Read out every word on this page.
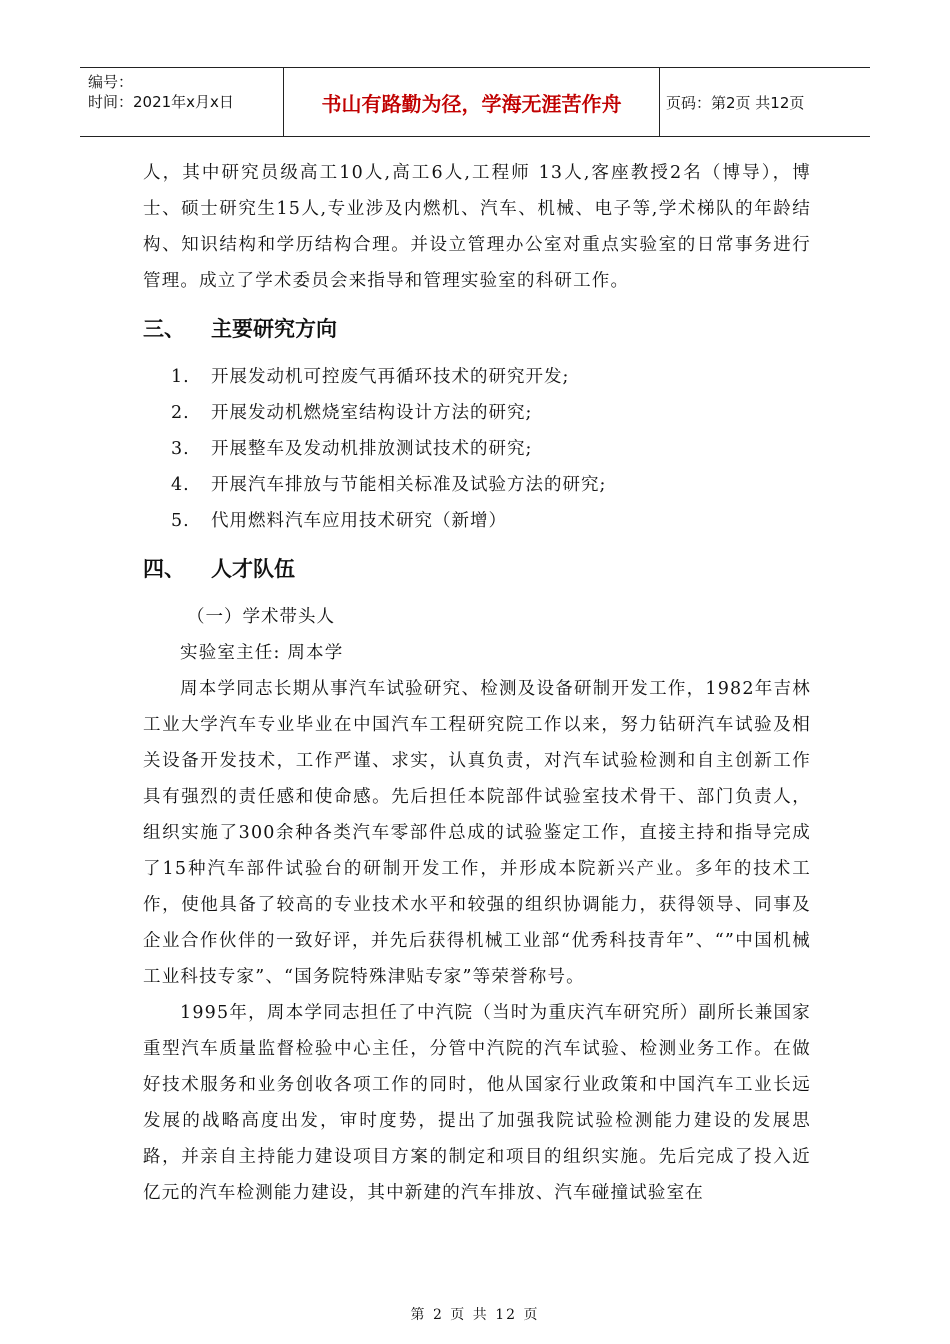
编号：
时间：2021年x月x日	书山有路勤为径，学海无涯苦作舟	页码：第2页 共12页

人，其中研究员级高工10人,高工6人,工程师 13人,客座教授2名（博导），博士、硕士研究生15人,专业涉及内燃机、汽车、机械、电子等,学术梯队的年龄结构、知识结构和学历结构合理。并设立管理办公室对重点实验室的日常事务进行管理。成立了学术委员会来指导和管理实验室的科研工作。

三、	主要研究方向
1.	开展发动机可控废气再循环技术的研究开发;
2.	开展发动机燃烧室结构设计方法的研究;
3.	开展整车及发动机排放测试技术的研究;
4.	开展汽车排放与节能相关标准及试验方法的研究;
5.	代用燃料汽车应用技术研究（新增）
四、	人才队伍
（一）学术带头人

实验室主任: 周本学

周本学同志长期从事汽车试验研究、检测及设备研制开发工作，1982年吉林工业大学汽车专业毕业在中国汽车工程研究院工作以来，努力钻研汽车试验及相关设备开发技术，工作严谨、求实，认真负责，对汽车试验检测和自主创新工作具有强烈的责任感和使命感。先后担任本院部件试验室技术骨干、部门负责人，组织实施了300余种各类汽车零部件总成的试验鉴定工作，直接主持和指导完成了15种汽车部件试验台的研制开发工作，并形成本院新兴产业。多年的技术工作，使他具备了较高的专业技术水平和较强的组织协调能力，获得领导、同事及企业合作伙伴的一致好评，并先后获得机械工业部“优秀科技青年”、“”中国机械工业科技专家”、“国务院特殊津贴专家”等荣誉称号。

1995年，周本学同志担任了中汽院（当时为重庆汽车研究所）副所长兼国家重型汽车质量监督检验中心主任，分管中汽院的汽车试验、检测业务工作。在做好技术服务和业务创收各项工作的同时，他从国家行业政策和中国汽车工业长远发展的战略高度出发，审时度势，提出了加强我院试验检测能力建设的发展思路，并亲自主持能力建设项目方案的制定和项目的组织实施。先后完成了投入近亿元的汽车检测能力建设，其中新建的汽车排放、汽车碰撞试验室在

第 2 页 共 12 页
